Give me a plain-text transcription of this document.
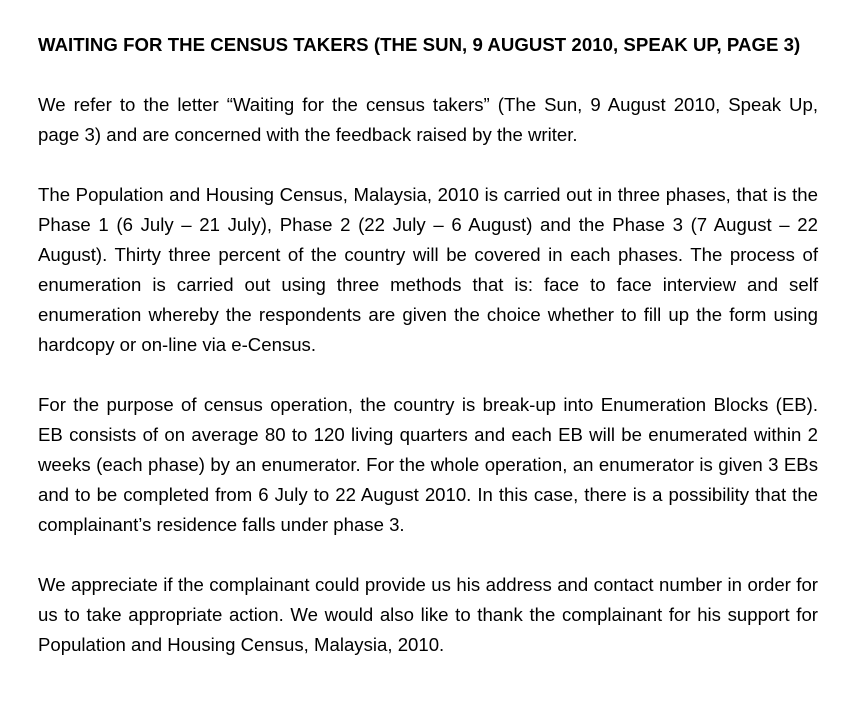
WAITING FOR THE CENSUS TAKERS (THE SUN, 9 AUGUST 2010, SPEAK UP, PAGE 3)

We refer to the letter “Waiting for the census takers” (The Sun, 9 August 2010, Speak Up, page 3) and are concerned with the feedback raised by the writer.

The Population and Housing Census, Malaysia, 2010 is carried out in three phases, that is the Phase 1 (6 July – 21 July), Phase 2 (22 July – 6 August) and the Phase 3 (7 August – 22 August). Thirty three percent of the country will be covered in each phases. The process of enumeration is carried out using three methods that is: face to face interview and self enumeration whereby the respondents are given the choice whether to fill up the form using hardcopy or on-line via e-Census.

For the purpose of census operation, the country is break-up into Enumeration Blocks (EB). EB consists of on average 80 to 120 living quarters and each EB will be enumerated within 2 weeks (each phase) by an enumerator. For the whole operation, an enumerator is given 3 EBs and to be completed from 6 July to 22 August 2010. In this case, there is a possibility that the complainant’s residence falls under phase 3.

We appreciate if the complainant could provide us his address and contact number in order for us to take appropriate action. We would also like to thank the complainant for his support for Population and Housing Census, Malaysia, 2010.
